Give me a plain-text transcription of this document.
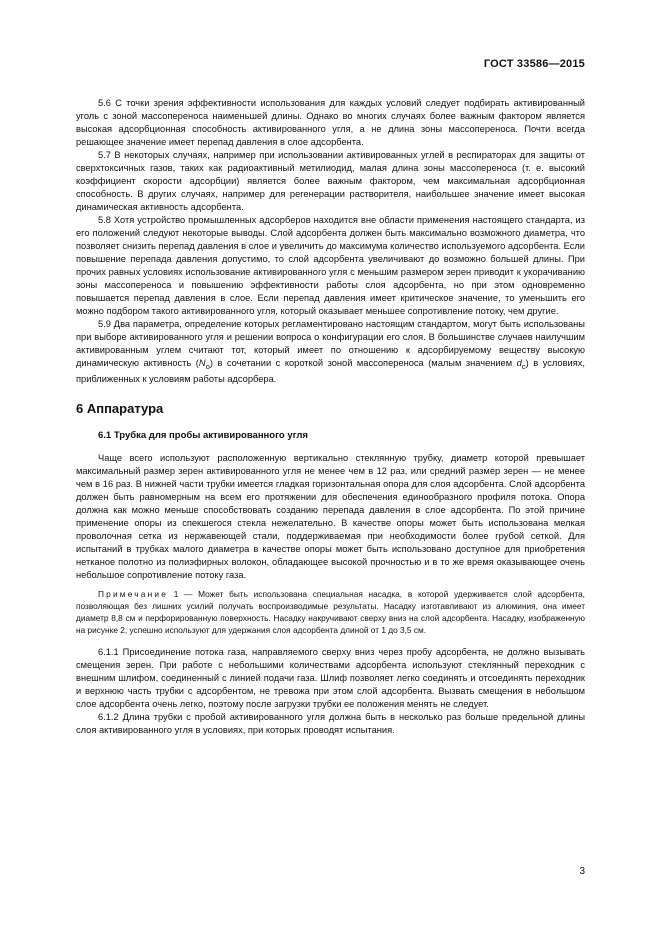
ГОСТ 33586—2015

5.6 С точки зрения эффективности использования для каждых условий следует подбирать активированный уголь с зоной массопереноса наименьшей длины. Однако во многих случаях более важным фактором является высокая адсорбционная способность активированного угля, а не длина зоны массопереноса. Почти всегда решающее значение имеет перепад давления в слое адсорбента.

5.7 В некоторых случаях, например при использовании активированных углей в респираторах для защиты от сверхтоксичных газов, таких как радиоактивный метилиодид, малая длина зоны массопереноса (т. е. высокий коэффициент скорости адсорбции) является более важным фактором, чем максимальная адсорбционная способность. В других случаях, например для регенерации растворителя, наибольшее значение имеет высокая динамическая активность адсорбента.

5.8 Хотя устройство промышленных адсорберов находится вне области применения настоящего стандарта, из его положений следуют некоторые выводы. Слой адсорбента должен быть максимально возможного диаметра, что позволяет снизить перепад давления в слое и увеличить до максимума количество используемого адсорбента. Если повышение перепада давления допустимо, то слой адсорбента увеличивают до возможно большей длины. При прочих равных условиях использование активированного угля с меньшим размером зерен приводит к укорачиванию зоны массопереноса и повышению эффективности работы слоя адсорбента, но при этом одновременно повышается перепад давления в слое. Если перепад давления имеет критическое значение, то уменьшить его можно подбором такого активированного угля, который оказывает меньшее сопротивление потоку, чем другие.

5.9 Два параметра, определение которых регламентировано настоящим стандартом, могут быть использованы при выборе активированного угля и решении вопроса о конфигурации его слоя. В большинстве случаев наилучшим активированным углем считают тот, который имеет по отношению к адсорбируемому веществу высокую динамическую активность $(N_o)$ в сочетании с короткой зоной массопереноса (малым значением $d_c$) в условиях, приближенных к условиям работы адсорбера.

6 Аппаратура

6.1 Трубка для пробы активированного угля

Чаще всего используют расположенную вертикально стеклянную трубку, диаметр которой превышает максимальный размер зерен активированного угля не менее чем в 12 раз, или средний размер зерен — не менее чем в 16 раз. В нижней части трубки имеется гладкая горизонтальная опора для слоя адсорбента. Слой адсорбента должен быть равномерным на всем его протяжении для обеспечения единообразного профиля потока. Опора должна как можно меньше способствовать созданию перепада давления в слое адсорбента. По этой причине применение опоры из спекшегося стекла нежелательно. В качестве опоры может быть использована мелкая проволочная сетка из нержавеющей стали, поддерживаемая при необходимости более грубой сеткой. Для испытаний в трубках малого диаметра в качестве опоры может быть использовано доступное для приобретения нетканое полотно из полиэфирных волокон, обладающее высокой прочностью и в то же время оказывающее очень небольшое сопротивление потоку газа.

Примечание 1 — Может быть использована специальная насадка, в которой удерживается слой адсорбента, позволяющая без лишних усилий получать воспроизводимые результаты. Насадку изготавливают из алюминия, она имеет диаметр 8,8 см и перфорированную поверхность. Насадку накручивают сверху вниз на слой адсорбента. Насадку, изображенную на рисунке 2, успешно используют для удержания слоя адсорбента длиной от 1 до 3,5 см.

6.1.1 Присоединение потока газа, направляемого сверху вниз через пробу адсорбента, не должно вызывать смещения зерен. При работе с небольшими количествами адсорбента используют стеклянный переходник с внешним шлифом, соединенный с линией подачи газа. Шлиф позволяет легко соединять и отсоединять переходник и верхнюю часть трубки с адсорбентом, не тревожа при этом слой адсорбента. Вызвать смещения в небольшом слое адсорбента очень легко, поэтому после загрузки трубки ее положения менять не следует.

6.1.2 Длина трубки с пробой активированного угля должна быть в несколько раз больше предельной длины слоя активированного угля в условиях, при которых проводят испытания.

3
